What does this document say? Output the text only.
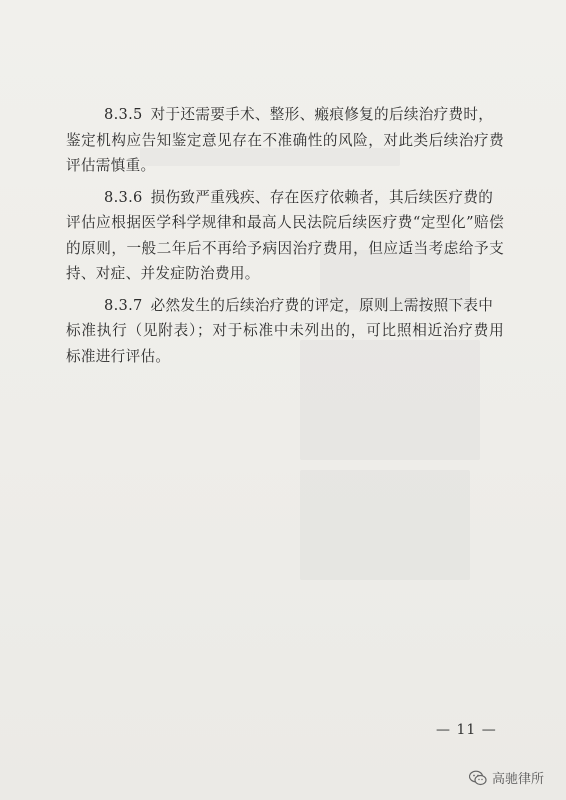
8.3.5 对于还需要手术、整形、瘢痕修复的后续治疗费时，
鉴定机构应告知鉴定意见存在不准确性的风险，对此类后续治疗费评估需慎重。

8.3.6 损伤致严重残疾、存在医疗依赖者，其后续医疗费的
评估应根据医学科学规律和最高人民法院后续医疗费“定型化”赔偿的原则，一般二年后不再给予病因治疗费用，但应适当考虑给予支持、对症、并发症防治费用。

8.3.7 必然发生的后续治疗费的评定，原则上需按照下表中
标准执行（见附表）；对于标准中未列出的，可比照相近治疗费用标准进行评估。

— 11 —
高驰律所
